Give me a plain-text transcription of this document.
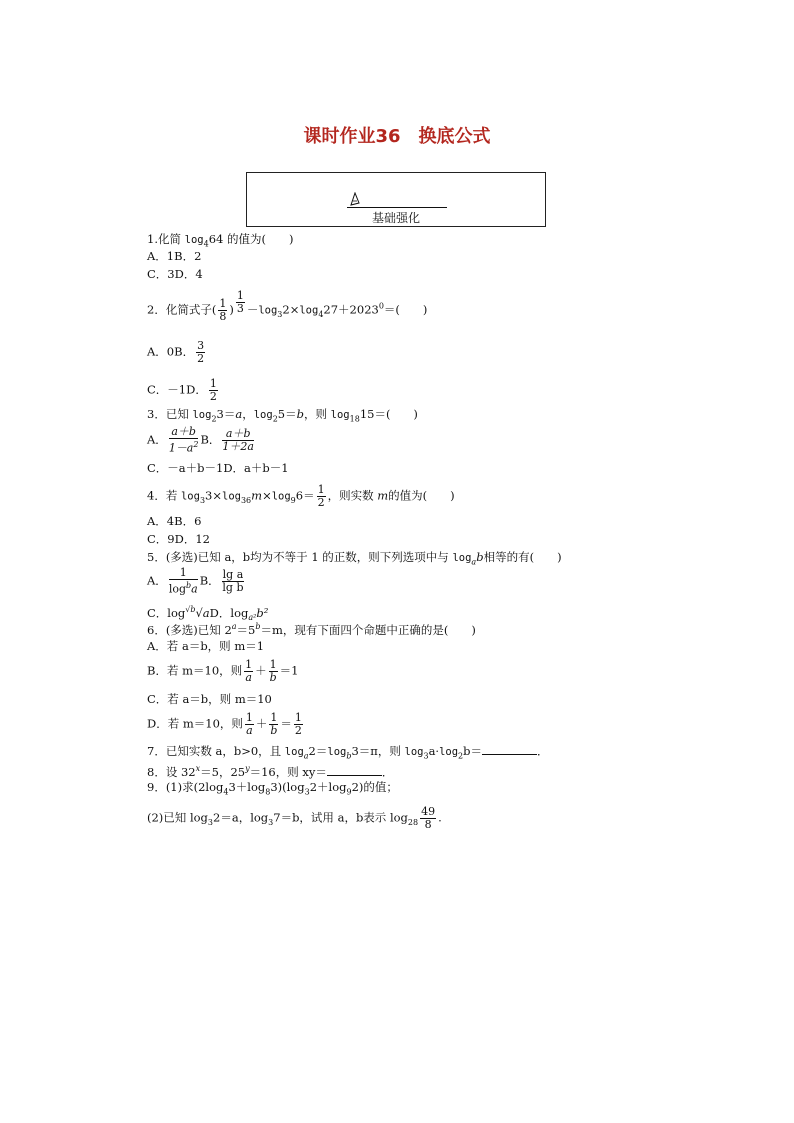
课时作业36　换底公式
基础强化
1.化简 $\log_464$ 的值为(　　)
A．1B．2
C．3D．4
2．化简式子( $\frac{1}{8}$ ) $\frac{1}{3} -\log_32\times\log_427+2023^0=$(　　)
A．0B． $\frac{3}{2}$
C．－1D． $\frac{1}{2}$
3．已知 $\log_23=a$，$\log_25=b$，则 $\log_{18}15=$(　　)
A． $\frac{a+b}{1-a^2}$ B． $\frac{a+b}{1+2a}$
C．－a＋b－1D．a＋b－1
4．若 $\log_33\times\log_{36}m\times\log_96= \frac{1}{2}$ ，则实数 m的值为(　　)
A．4B．6
C．9D．12
5．(多选)已知 a，b均为不等于 1 的正数，则下列选项中与 $\log_ab$相等的有(　　)
A． $\frac{1}{\log^ba}$ B． $\frac{\text{lg a}}{\text{lg b}}$
C．$\log^{√b}√aD$．$\log_{a^2}b^2$
6．(多选)已知 $2^a=5^b=m$，现有下面四个命题中正确的是(　　)
A．若 a＝b，则 m＝1
B．若 m＝10，则 $\frac{1}{a} + \frac{1}{b} =1$
C．若 a＝b，则 m＝10
D．若 m＝10，则 $\frac{1}{a} + \frac{1}{b} = \frac{1}{2}$
7．已知实数 a，b>0，且 $\log_a2=\log_b3=\pi$，则 $\log_3a\cdot\log_2b=$	．
8．设 $32^x=5$，$25^y=16$，则 xy＝	．
9．(1)求$(2\log_43+\log_83)(\log_32+\log_92)$的值；
(2)已知 $\log_32=a$，$\log_37=b$，试用 a，b表示 $\log_{28} \frac{49}{8}$ .
